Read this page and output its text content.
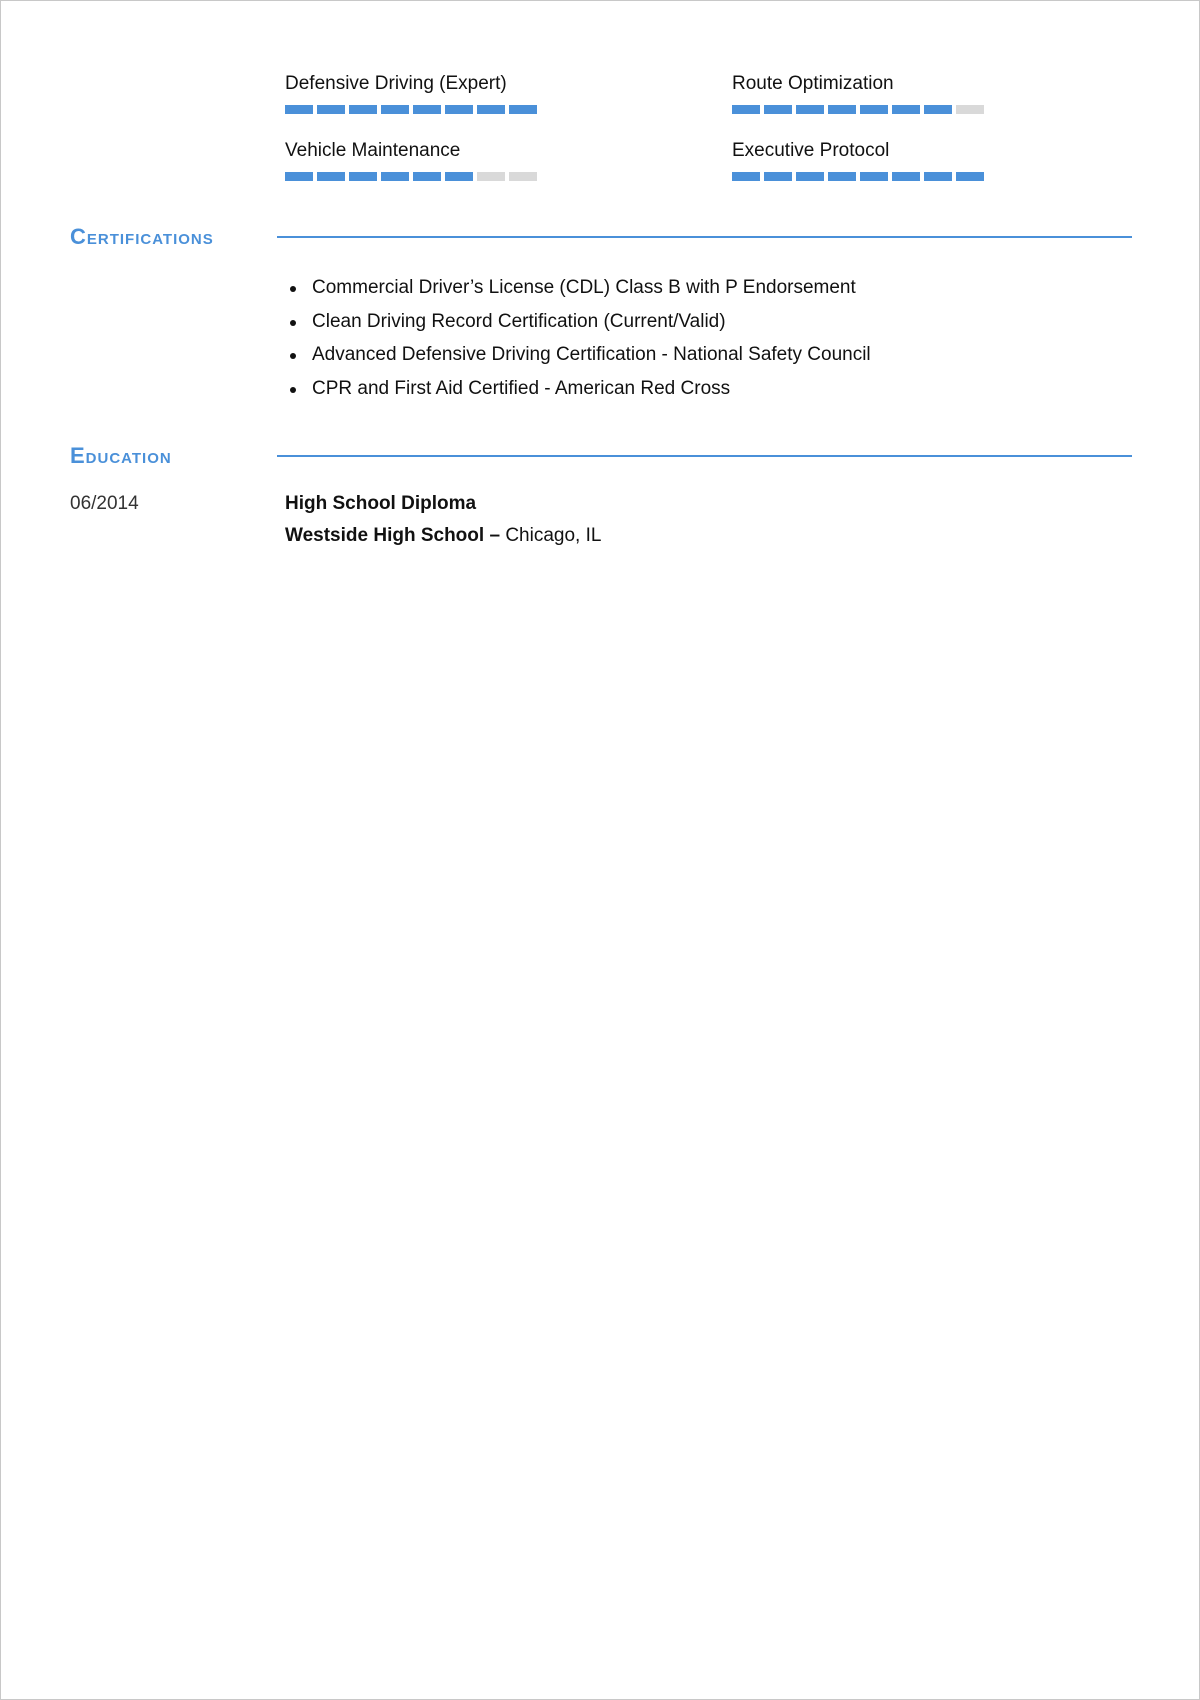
Defensive Driving (Expert)	Route Optimization
Vehicle Maintenance	Executive Protocol
Certifications
Commercial Driver’s License (CDL) Class B with P Endorsement
Clean Driving Record Certification (Current/Valid)
Advanced Defensive Driving Certification - National Safety Council
CPR and First Aid Certified - American Red Cross
Education
06/2014	High School Diploma
Westside High School – Chicago, IL
